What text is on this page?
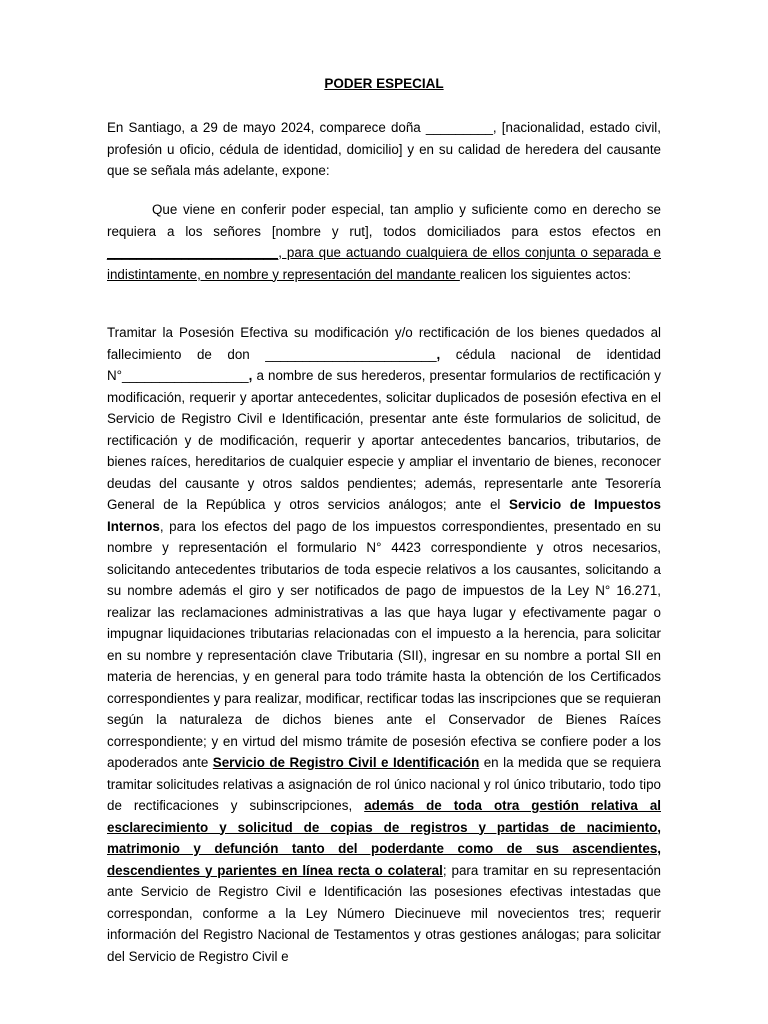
PODER ESPECIAL

En Santiago, a 29 de mayo 2024, comparece doña _________, [nacionalidad, estado civil, profesión u oficio, cédula de identidad, domicilio] y en su calidad de heredera del causante que se señala más adelante, expone:

Que viene en conferir poder especial, tan amplio y suficiente como en derecho se requiera a los señores [nombre y rut], todos domiciliados para estos efectos en _______________________, para que actuando cualquiera de ellos conjunta o separada e indistintamente, en nombre y representación del mandante realicen los siguientes actos:

Tramitar la Posesión Efectiva su modificación y/o rectificación de los bienes quedados al fallecimiento de don _______________________, cédula nacional de identidad N°_________________, a nombre de sus herederos, presentar formularios de rectificación y modificación, requerir y aportar antecedentes, solicitar duplicados de posesión efectiva en el Servicio de Registro Civil e Identificación, presentar ante éste formularios de solicitud, de rectificación y de modificación, requerir y aportar antecedentes bancarios, tributarios, de bienes raíces, hereditarios de cualquier especie y ampliar el inventario de bienes, reconocer deudas del causante y otros saldos pendientes; además, representarle ante Tesorería General de la República y otros servicios análogos; ante el Servicio de Impuestos Internos, para los efectos del pago de los impuestos correspondientes, presentado en su nombre y representación el formulario N° 4423 correspondiente y otros necesarios, solicitando antecedentes tributarios de toda especie relativos a los causantes, solicitando a su nombre además el giro y ser notificados de pago de impuestos de la Ley N° 16.271, realizar las reclamaciones administrativas a las que haya lugar y efectivamente pagar o impugnar liquidaciones tributarias relacionadas con el impuesto a la herencia, para solicitar en su nombre y representación clave Tributaria (SII), ingresar en su nombre a portal SII en materia de herencias, y en general para todo trámite hasta la obtención de los Certificados correspondientes y para realizar, modificar, rectificar todas las inscripciones que se requieran según la naturaleza de dichos bienes ante el Conservador de Bienes Raíces correspondiente; y en virtud del mismo trámite de posesión efectiva se confiere poder a los apoderados ante Servicio de Registro Civil e Identificación en la medida que se requiera tramitar solicitudes relativas a asignación de rol único nacional y rol único tributario, todo tipo de rectificaciones y subinscripciones, además de toda otra gestión relativa al esclarecimiento y solicitud de copias de registros y partidas de nacimiento, matrimonio y defunción tanto del poderdante como de sus ascendientes, descendientes y parientes en línea recta o colateral; para tramitar en su representación ante Servicio de Registro Civil e Identificación las posesiones efectivas intestadas que correspondan, conforme a la Ley Número Diecinueve mil novecientos tres; requerir información del Registro Nacional de Testamentos y otras gestiones análogas; para solicitar del Servicio de Registro Civil e
